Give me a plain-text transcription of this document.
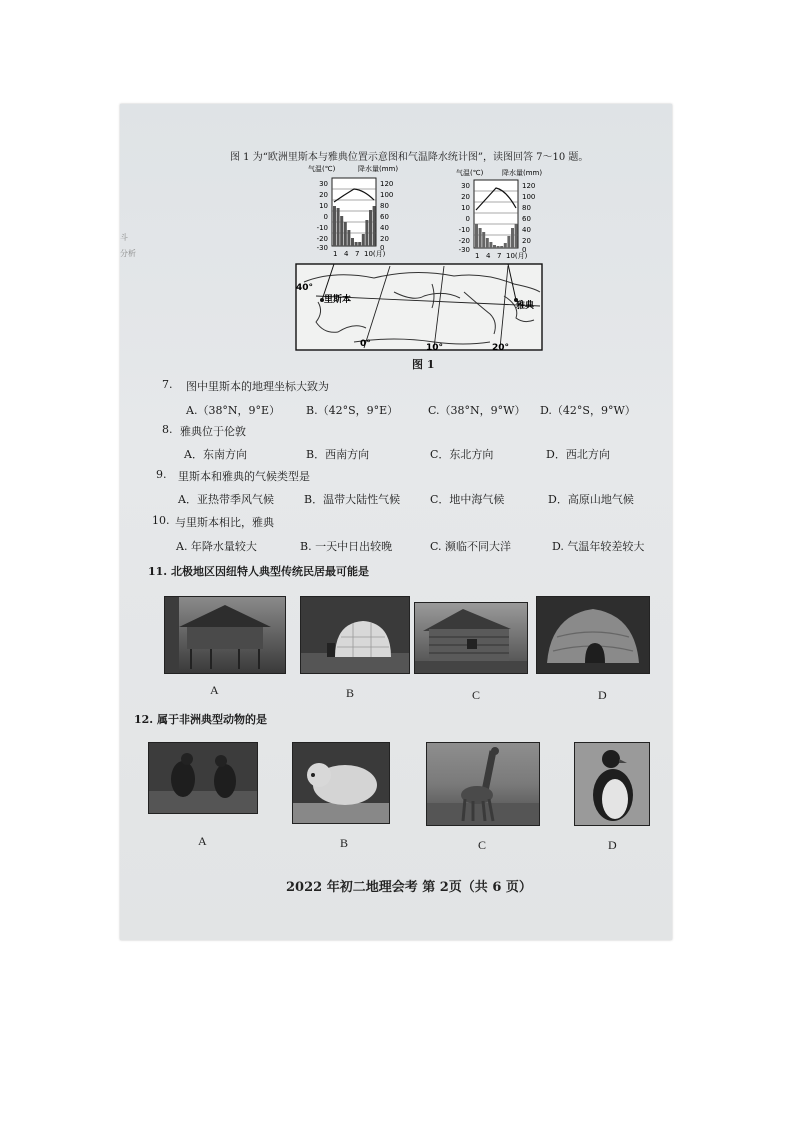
斗
分析
图 1 为“欧洲里斯本与雅典位置示意图和气温降水统计图”，读图回答 7～10 题。
气温(℃)	降水量(mm)
30
20
10
0
-10
-20
-30
120
100
80
60
40
20
0
1 4 7 10(月)
气温(℃)	降水量(mm)
30
20
10
0
-10
-20
-30
120
100
80
60
40
20
0
1 4 7 10(月)
40°
里斯本
雅典
0°	10°	20°
图 1
7. 图中里斯本的地理坐标大致为
A.（38°N，9°E） B.（42°S，9°E）	C.（38°N，9°W） D.（42°S，9°W）
8. 雅典位于伦敦
A．东南方向	B．西南方向	C．东北方向	D．西北方向
9. 里斯本和雅典的气候类型是
A．亚热带季风气候	B．温带大陆性气候	C．地中海气候	D．高原山地气候
10. 与里斯本相比，雅典
A. 年降水量较大	B. 一天中日出较晚	C. 濒临不同大洋	D. 气温年较差较大
11. 北极地区因纽特人典型传统民居最可能是
A	B	C	D
12. 属于非洲典型动物的是
A	B	C	D
2022 年初二地理会考 第 2页（共 6 页）
